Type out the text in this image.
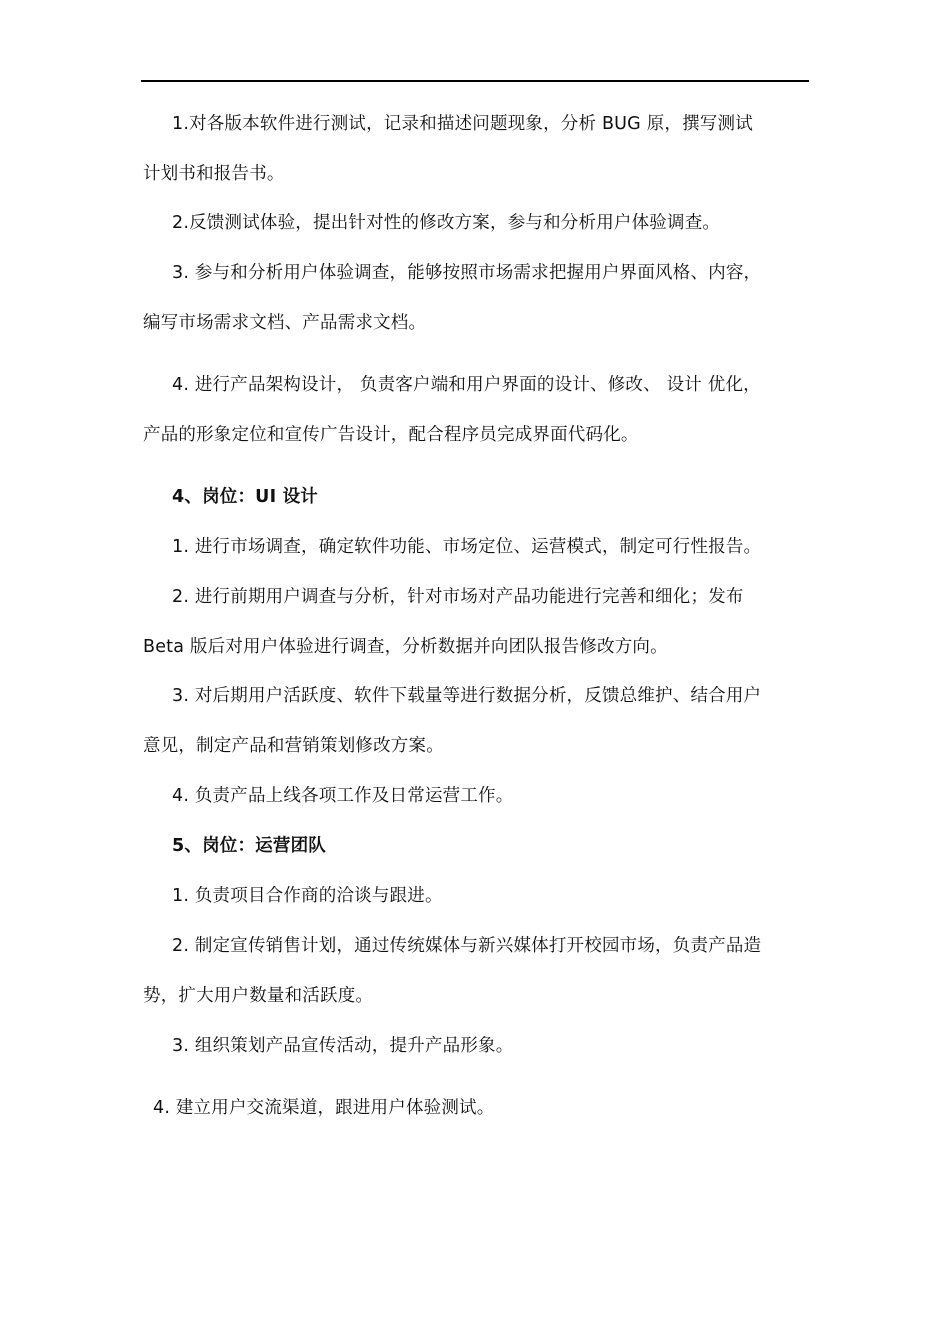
1.对各版本软件进行测试，记录和描述问题现象，分析 BUG 原，撰写测试
计划书和报告书。
2.反馈测试体验，提出针对性的修改方案，参与和分析用户体验调查。
3. 参与和分析用户体验调查，能够按照市场需求把握用户界面风格、内容，
编写市场需求文档、产品需求文档。
4. 进行产品架构设计， 负责客户端和用户界面的设计、修改、 设计 优化，
产品的形象定位和宣传广告设计，配合程序员完成界面代码化。
4、岗位：UI 设计
1. 进行市场调查，确定软件功能、市场定位、运营模式，制定可行性报告。
2. 进行前期用户调查与分析，针对市场对产品功能进行完善和细化；发布
Beta 版后对用户体验进行调查，分析数据并向团队报告修改方向。
3. 对后期用户活跃度、软件下载量等进行数据分析，反馈总维护、结合用户
意见，制定产品和营销策划修改方案。
4. 负责产品上线各项工作及日常运营工作。
5、岗位：运营团队
1. 负责项目合作商的洽谈与跟进。
2. 制定宣传销售计划，通过传统媒体与新兴媒体打开校园市场，负责产品造
势，扩大用户数量和活跃度。
3. 组织策划产品宣传活动，提升产品形象。
4. 建立用户交流渠道，跟进用户体验测试。
